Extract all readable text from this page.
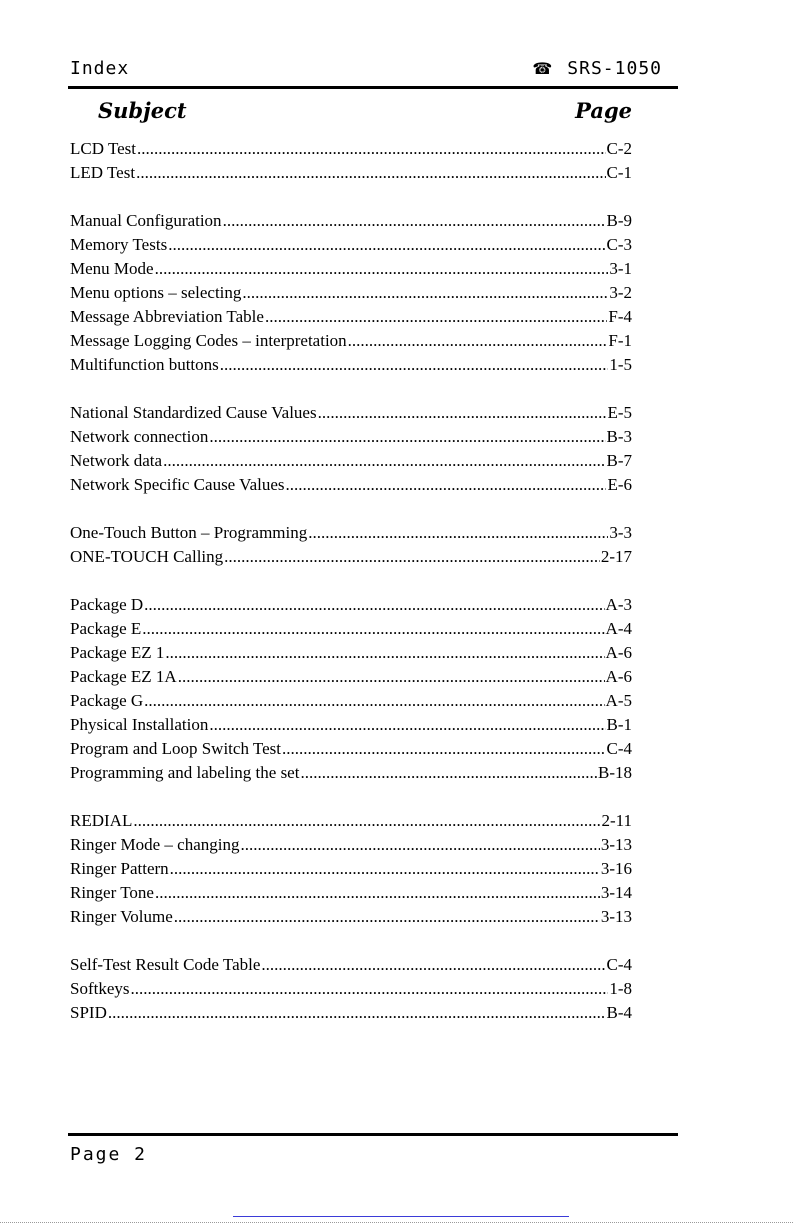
Index	☎ SRS-1050
Subject	Page
LCD Test .....	C-2
LED Test .....	C-1
Manual Configuration .....	B-9
Memory Tests .....	C-3
Menu Mode .....	3-1
Menu options – selecting .....	3-2
Message Abbreviation Table .....	F-4
Message Logging Codes – interpretation .....	F-1
Multifunction buttons .....	1-5
National Standardized Cause Values .....	E-5
Network connection .....	B-3
Network data .....	B-7
Network Specific Cause Values .....	E-6
One-Touch Button – Programming .....	3-3
ONE-TOUCH Calling .....	2-17
Package D .....	A-3
Package E .....	A-4
Package EZ 1 .....	A-6
Package EZ 1A .....	A-6
Package G .....	A-5
Physical Installation .....	B-1
Program and Loop Switch Test .....	C-4
Programming and labeling the set .....	B-18
REDIAL .....	2-11
Ringer Mode – changing .....	3-13
Ringer Pattern .....	3-16
Ringer Tone .....	3-14
Ringer Volume .....	3-13
Self-Test Result Code Table .....	C-4
Softkeys .....	1-8
SPID .....	B-4
Page 2
